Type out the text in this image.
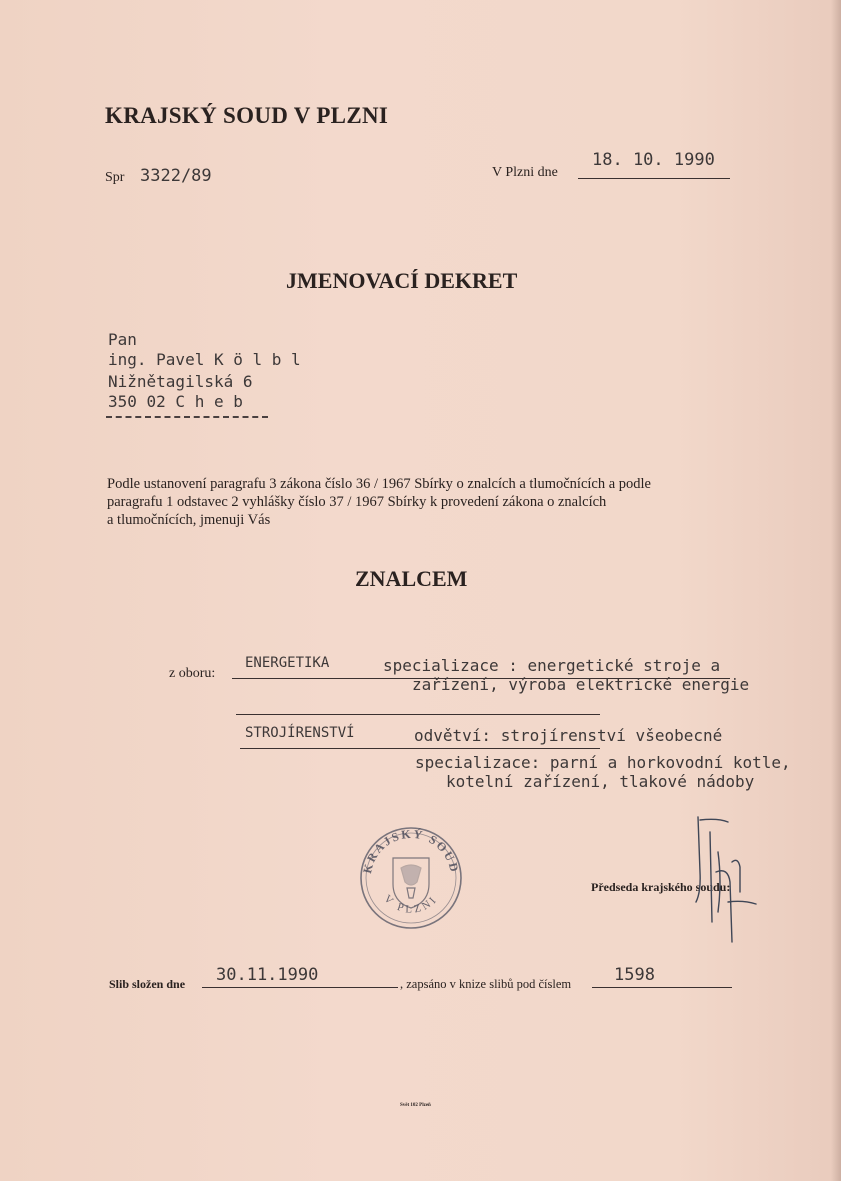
KRAJSKÝ SOUD V PLZNI
Spr 3322/89	V Plzni dne
18. 10. 1990
JMENOVACÍ DEKRET
Pan
ing. Pavel K ö l b l
Nižnětagilská 6
350 02 C h e b
Podle ustanovení paragrafu 3 zákona číslo 36 / 1967 Sbírky o znalcích a tlumočnících a podle
paragrafu 1 odstavec 2 vyhlášky číslo 37 / 1967 Sbírky k provedení zákona o znalcích
a tlumočnících, jmenuji Vás
ZNALCEM
z oboru:
ENERGETIKA	specializace : energetické stroje a
zařízení, výroba elektrické energie
STROJÍRENSTVÍ	odvětví: strojírenství všeobecné
specializace: parní a horkovodní kotle,
kotelní zařízení, tlakové nádoby
KRAJSKÝ SOUD
V PLZNI
Předseda krajského soudu:
Slib složen dne 30.11.1990	, zapsáno v knize slibů pod číslem	1598
Svět 102 Plzeň
